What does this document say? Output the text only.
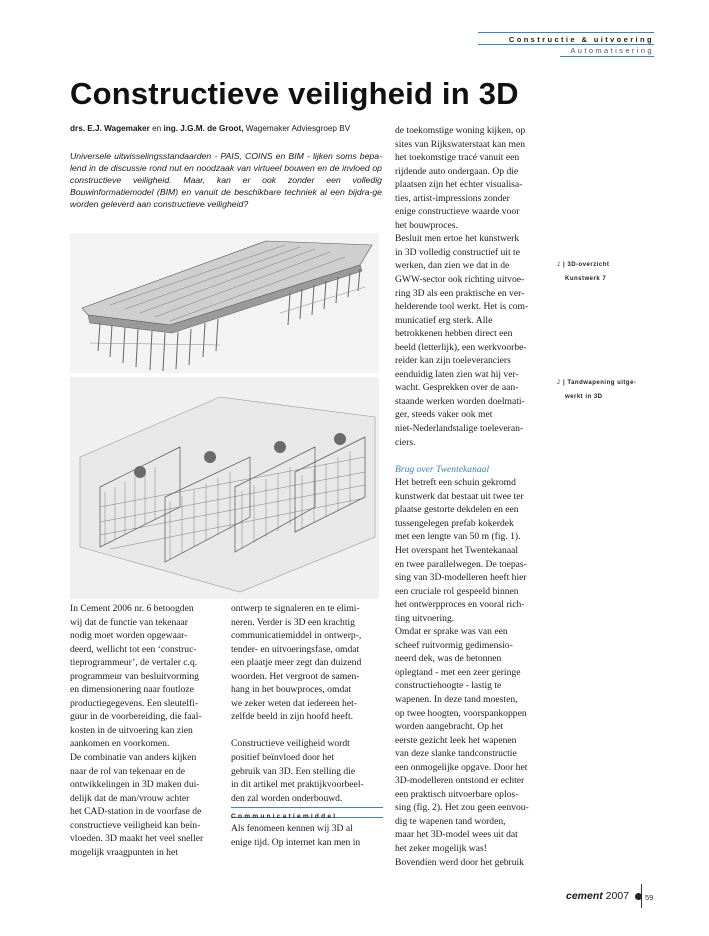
Constructie & uitvoering
Automatisering
Constructieve veiligheid in 3D
drs. E.J. Wagemaker en ing. J.G.M. de Groot, Wagemaker Adviesgroep BV

Universele uitwisselingsstandaarden - PAIS, COINS en BIM - lijken soms bepa-lend in de discussie rond nut en noodzaak van virtueel bouwen en de invloed op constructieve veiligheid. Maar, kan er ook zonder een volledig Bouwinformatiemodel (BIM) en vanuit de beschikbare techniek al een bijdra-ge worden geleverd aan constructieve veiligheid?

1 | 3D-overzicht
Kunstwerk 7
2 | Tandwapening uitge-
werkt in 3D
In Cement 2006 nr. 6 betoogden
wij dat de functie van tekenaar
nodig moet worden opgewaar-
deerd, wellicht tot een ‘construc-
tieprogrammeur’, de vertaler c.q.
programmeur van besluitvorming
en dimensionering naar foutloze
productiegegevens. Een sleutelfi-
guur in de voorbereiding, die faal-
kosten in de uitvoering kan zien
aankomen en voorkomen.
De combinatie van anders kijken
naar de rol van tekenaar en de
ontwikkelingen in 3D maken dui-
delijk dat de man/vrouw achter
het CAD-station in de voorfase de
constructieve veiligheid kan beïn-
vloeden. 3D maakt het veel sneller
mogelijk vraagpunten in het
ontwerp te signaleren en te elimi-
neren. Verder is 3D een krachtig
communicatiemiddel in ontwerp-,
tender- en uitvoeringsfase, omdat
een plaatje meer zegt dan duizend
woorden. Het vergroot de samen-
hang in het bouwproces, omdat
we zeker weten dat iedereen het-
zelfde beeld in zijn hoofd heeft.
Constructieve veiligheid wordt
positief beïnvloed door het
gebruik van 3D. Een stelling die
in dit artikel met praktijkvoorbeel-
den zal worden onderbouwd.
Communicatiemiddel
Als fenomeen kennen wij 3D al
enige tijd. Op internet kan men in
de toekomstige woning kijken, op
sites van Rijkswaterstaat kan men
het toekomstige tracé vanuit een
rijdende auto ondergaan. Op die
plaatsen zijn het echter visualisa-
ties, artist-impressions zonder
enige constructieve waarde voor
het bouwproces.
Besluit men ertoe het kunstwerk
in 3D volledig constructief uit te
werken, dan zien we dat in de
GWW-sector ook richting uitvoe-
ring 3D als een praktische en ver-
helderende tool werkt. Het is com-
municatief erg sterk. Alle
betrokkenen hebben direct een
beeld (letterlijk), een werkvoorbe-
reider kan zijn toeleveranciers
eenduidig laten zien wat hij ver-
wacht. Gesprekken over de aan-
staande werken worden doelmati-
ger, steeds vaker ook met
niet-Nederlandstalige toeleveran-
ciers.
Brug over Twentekanaal
Het betreft een schuin gekromd
kunstwerk dat bestaat uit twee ter
plaatse gestorte dekdelen en een
tussengelegen prefab kokerdek
met een lengte van 50 m (fig. 1).
Het overspant het Twentekanaal
en twee parallelwegen. De toepas-
sing van 3D-modelleren heeft hier
een cruciale rol gespeeld binnen
het ontwerpproces en vooral rich-
ting uitvoering.
Omdat er sprake was van een
scheef ruitvormig gedimensio-
neerd dek, was de betonnen
oplegtand - met een zeer geringe
constructiehoogte - lastig te
wapenen. In deze tand moesten,
op twee hoogten, voorspankoppen
worden aangebracht. Op het
eerste gezicht leek het wapenen
van deze slanke tandconstructie
een onmogelijke opgave. Door het
3D-modelleren ontstond er echter
een praktisch uitvoerbare oplos-
sing (fig. 2). Het zou geen eenvou-
dig te wapenen tand worden,
maar het 3D-model wees uit dat
het zeker mogelijk was!
Bovendien werd door het gebruik
cement 2007	59
